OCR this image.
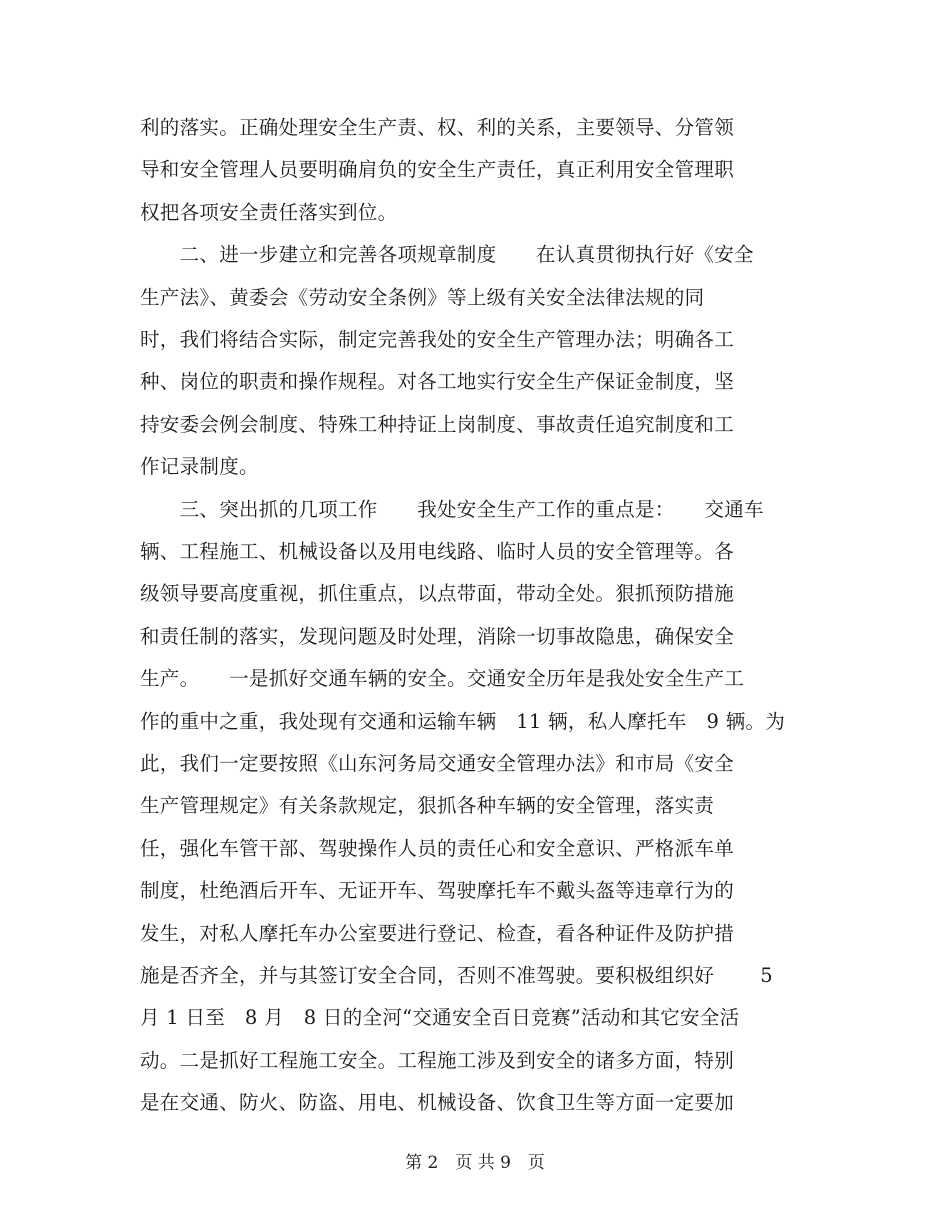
利的落实。正确处理安全生产责、权、利的关系，主要领导、分管领
导和安全管理人员要明确肩负的安全生产责任，真正利用安全管理职
权把各项安全责任落实到位。
　　二、进一步建立和完善各项规章制度　　在认真贯彻执行好《安全
生产法》、黄委会《劳动安全条例》等上级有关安全法律法规的同
时，我们将结合实际，制定完善我处的安全生产管理办法；明确各工
种、岗位的职责和操作规程。对各工地实行安全生产保证金制度，坚
持安委会例会制度、特殊工种持证上岗制度、事故责任追究制度和工
作记录制度。
　　三、突出抓的几项工作　　我处安全生产工作的重点是：　　交通车
辆、工程施工、机械设备以及用电线路、临时人员的安全管理等。各
级领导要高度重视，抓住重点，以点带面，带动全处。狠抓预防措施
和责任制的落实，发现问题及时处理，消除一切事故隐患，确保安全
生产。　　一是抓好交通车辆的安全。交通安全历年是我处安全生产工
作的重中之重，我处现有交通和运输车辆　11 辆，私人摩托车　9 辆。为
此，我们一定要按照《山东河务局交通安全管理办法》和市局《安全
生产管理规定》有关条款规定，狠抓各种车辆的安全管理，落实责
任，强化车管干部、驾驶操作人员的责任心和安全意识、严格派车单
制度，杜绝酒后开车、无证开车、驾驶摩托车不戴头盔等违章行为的
发生，对私人摩托车办公室要进行登记、检查，看各种证件及防护措
施是否齐全，并与其签订安全合同，否则不准驾驶。要积极组织好　　 5
月 1 日至　8 月　8 日的全河“交通安全百日竞赛”活动和其它安全活
动。二是抓好工程施工安全。工程施工涉及到安全的诸多方面，特别
是在交通、防火、防盗、用电、机械设备、饮食卫生等方面一定要加
第 2　页 共 9　页
